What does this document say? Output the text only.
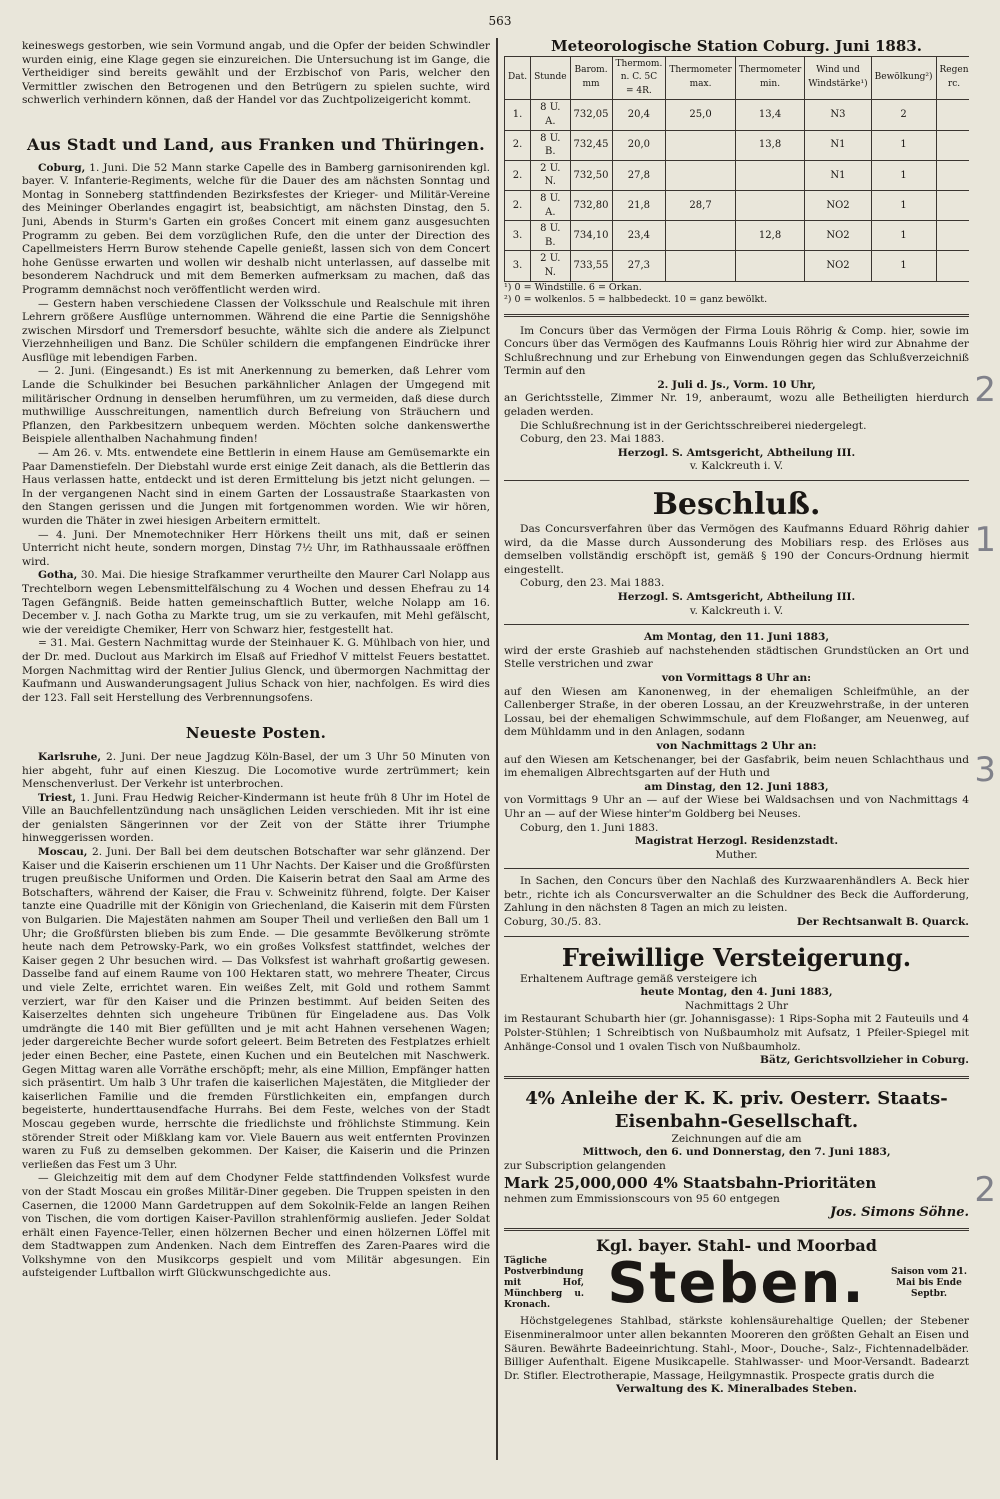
563

keineswegs gestorben, wie sein Vormund angab, und die Opfer der beiden Schwindler wurden einig, eine Klage gegen sie einzureichen. Die Untersuchung ist im Gange, die Vertheidiger sind bereits gewählt und der Erzbischof von Paris, welcher den Vermittler zwischen den Betrogenen und den Betrügern zu spielen suchte, wird schwerlich verhindern können, daß der Handel vor das Zuchtpolizeigericht kommt.

Aus Stadt und Land, aus Franken und Thüringen.

Coburg, 1. Juni. Die 52 Mann starke Capelle des in Bamberg garnisonirenden kgl. bayer. V. Infanterie-Regiments, welche für die Dauer des am nächsten Sonntag und Montag in Sonneberg stattfindenden Bezirksfestes der Krieger- und Militär-Vereine des Meininger Oberlandes engagirt ist, beabsichtigt, am nächsten Dinstag, den 5. Juni, Abends in Sturm's Garten ein großes Concert mit einem ganz ausgesuchten Programm zu geben. Bei dem vorzüglichen Rufe, den die unter der Direction des Capellmeisters Herrn Burow stehende Capelle genießt, lassen sich von dem Concert hohe Genüsse erwarten und wollen wir deshalb nicht unterlassen, auf dasselbe mit besonderem Nachdruck und mit dem Bemerken aufmerksam zu machen, daß das Programm demnächst noch veröffentlicht werden wird.

— Gestern haben verschiedene Classen der Volksschule und Realschule mit ihren Lehrern größere Ausflüge unternommen. Während die eine Partie die Sennigshöhe zwischen Mirsdorf und Tremersdorf besuchte, wählte sich die andere als Zielpunct Vierzehnheiligen und Banz. Die Schüler schildern die empfangenen Eindrücke ihrer Ausflüge mit lebendigen Farben.

— 2. Juni. (Eingesandt.) Es ist mit Anerkennung zu bemerken, daß Lehrer vom Lande die Schulkinder bei Besuchen parkähnlicher Anlagen der Umgegend mit militärischer Ordnung in denselben herumführen, um zu vermeiden, daß diese durch muthwillige Ausschreitungen, namentlich durch Befreiung von Sträuchern und Pflanzen, den Parkbesitzern unbequem werden. Möchten solche dankenswerthe Beispiele allenthalben Nachahmung finden!

— Am 26. v. Mts. entwendete eine Bettlerin in einem Hause am Gemüsemarkte ein Paar Damenstiefeln. Der Diebstahl wurde erst einige Zeit danach, als die Bettlerin das Haus verlassen hatte, entdeckt und ist deren Ermittelung bis jetzt nicht gelungen. — In der vergangenen Nacht sind in einem Garten der Lossaustraße Staarkasten von den Stangen gerissen und die Jungen mit fortgenommen worden. Wie wir hören, wurden die Thäter in zwei hiesigen Arbeitern ermittelt.

— 4. Juni. Der Mnemotechniker Herr Hörkens theilt uns mit, daß er seinen Unterricht nicht heute, sondern morgen, Dinstag 7½ Uhr, im Rathhaussaale eröffnen wird.

Gotha, 30. Mai. Die hiesige Strafkammer verurtheilte den Maurer Carl Nolapp aus Trechtelborn wegen Lebensmittelfälschung zu 4 Wochen und dessen Ehefrau zu 14 Tagen Gefängniß. Beide hatten gemeinschaftlich Butter, welche Nolapp am 16. December v. J. nach Gotha zu Markte trug, um sie zu verkaufen, mit Mehl gefälscht, wie der vereidigte Chemiker, Herr von Schwarz hier, festgestellt hat.

= 31. Mai. Gestern Nachmittag wurde der Steinhauer K. G. Mühlbach von hier, und der Dr. med. Duclout aus Markirch im Elsaß auf Friedhof V mittelst Feuers bestattet. Morgen Nachmittag wird der Rentier Julius Glenck, und übermorgen Nachmittag der Kaufmann und Auswanderungsagent Julius Schack von hier, nachfolgen. Es wird dies der 123. Fall seit Herstellung des Verbrennungsofens.

Neueste Posten.

Karlsruhe, 2. Juni. Der neue Jagdzug Köln-Basel, der um 3 Uhr 50 Minuten von hier abgeht, fuhr auf einen Kieszug. Die Locomotive wurde zertrümmert; kein Menschenverlust. Der Verkehr ist unterbrochen.

Triest, 1. Juni. Frau Hedwig Reicher-Kindermann ist heute früh 8 Uhr im Hotel de Ville an Bauchfellentzündung nach unsäglichen Leiden verschieden. Mit ihr ist eine der genialsten Sängerinnen vor der Zeit von der Stätte ihrer Triumphe hinweggerissen worden.

Moscau, 2. Juni. Der Ball bei dem deutschen Botschafter war sehr glänzend. Der Kaiser und die Kaiserin erschienen um 11 Uhr Nachts. Der Kaiser und die Großfürsten trugen preußische Uniformen und Orden. Die Kaiserin betrat den Saal am Arme des Botschafters, während der Kaiser, die Frau v. Schweinitz führend, folgte. Der Kaiser tanzte eine Quadrille mit der Königin von Griechenland, die Kaiserin mit dem Fürsten von Bulgarien. Die Majestäten nahmen am Souper Theil und verließen den Ball um 1 Uhr; die Großfürsten blieben bis zum Ende. — Die gesammte Bevölkerung strömte heute nach dem Petrowsky-Park, wo ein großes Volksfest stattfindet, welches der Kaiser gegen 2 Uhr besuchen wird. — Das Volksfest ist wahrhaft großartig gewesen. Dasselbe fand auf einem Raume von 100 Hektaren statt, wo mehrere Theater, Circus und viele Zelte, errichtet waren. Ein weißes Zelt, mit Gold und rothem Sammt verziert, war für den Kaiser und die Prinzen bestimmt. Auf beiden Seiten des Kaiserzeltes dehnten sich ungeheure Tribünen für Eingeladene aus. Das Volk umdrängte die 140 mit Bier gefüllten und je mit acht Hahnen versehenen Wagen; jeder dargereichte Becher wurde sofort geleert. Beim Betreten des Festplatzes erhielt jeder einen Becher, eine Pastete, einen Kuchen und ein Beutelchen mit Naschwerk. Gegen Mittag waren alle Vorräthe erschöpft; mehr, als eine Million, Empfänger hatten sich präsentirt. Um halb 3 Uhr trafen die kaiserlichen Majestäten, die Mitglieder der kaiserlichen Familie und die fremden Fürstlichkeiten ein, empfangen durch begeisterte, hunderttausendfache Hurrahs. Bei dem Feste, welches von der Stadt Moscau gegeben wurde, herrschte die friedlichste und fröhlichste Stimmung. Kein störender Streit oder Mißklang kam vor. Viele Bauern aus weit entfernten Provinzen waren zu Fuß zu demselben gekommen. Der Kaiser, die Kaiserin und die Prinzen verließen das Fest um 3 Uhr.

— Gleichzeitig mit dem auf dem Chodyner Felde stattfindenden Volksfest wurde von der Stadt Moscau ein großes Militär-Diner gegeben. Die Truppen speisten in den Casernen, die 12000 Mann Gardetruppen auf dem Sokolnik-Felde an langen Reihen von Tischen, die vom dortigen Kaiser-Pavillon strahlenförmig ausliefen. Jeder Soldat erhält einen Fayence-Teller, einen hölzernen Becher und einen hölzernen Löffel mit dem Stadtwappen zum Andenken. Nach dem Eintreffen des Zaren-Paares wird die Volkshymne von den Musikcorps gespielt und vom Militär abgesungen. Ein aufsteigender Luftballon wirft Glückwunschgedichte aus.

Meteorologische Station Coburg. Juni 1883.
Dat.	Stunde	Barom. mm	Thermom. n. C. 5C = 4R.	Thermometer max.	Thermometer min.	Wind und Windstärke¹)	Bewölkung²)	Regen rc.
1.	8 U. A.	732,05	20,4	25,0	13,4	N3	2	
2.	8 U. B.	732,45	20,0		13,8	N1	1	
2.	2 U. N.	732,50	27,8			N1	1	
2.	8 U. A.	732,80	21,8	28,7		NO2	1	
3.	8 U. B.	734,10	23,4		12,8	NO2	1	
3.	2 U. N.	733,55	27,3			NO2	1	
¹) 0 = Windstille. 6 = Orkan.
²) 0 = wolkenlos. 5 = halbbedeckt. 10 = ganz bewölkt.

Im Concurs über das Vermögen der Firma Louis Röhrig & Comp. hier, sowie im Concurs über das Vermögen des Kaufmanns Louis Röhrig hier wird zur Abnahme der Schlußrechnung und zur Erhebung von Einwendungen gegen das Schlußverzeichniß Termin auf den

2. Juli d. Js., Vorm. 10 Uhr,

an Gerichtsstelle, Zimmer Nr. 19, anberaumt, wozu alle Betheiligten hierdurch geladen werden.

Die Schlußrechnung ist in der Gerichtsschreiberei niedergelegt.

Coburg, den 23. Mai 1883.

Herzogl. S. Amtsgericht, Abtheilung III.

v. Kalckreuth i. V.

Beschluß.

Das Concursverfahren über das Vermögen des Kaufmanns Eduard Röhrig dahier wird, da die Masse durch Aussonderung des Mobiliars resp. des Erlöses aus demselben vollständig erschöpft ist, gemäß § 190 der Concurs-Ordnung hiermit eingestellt.

Coburg, den 23. Mai 1883.

Herzogl. S. Amtsgericht, Abtheilung III.

v. Kalckreuth i. V.

Am Montag, den 11. Juni 1883,

wird der erste Grashieb auf nachstehenden städtischen Grundstücken an Ort und Stelle verstrichen und zwar

von Vormittags 8 Uhr an:

auf den Wiesen am Kanonenweg, in der ehemaligen Schleifmühle, an der Callenberger Straße, in der oberen Lossau, an der Kreuzwehrstraße, in der unteren Lossau, bei der ehemaligen Schwimmschule, auf dem Floßanger, am Neuenweg, auf dem Mühldamm und in den Anlagen, sodann

von Nachmittags 2 Uhr an:

auf den Wiesen am Ketschenanger, bei der Gasfabrik, beim neuen Schlachthaus und im ehemaligen Albrechtsgarten auf der Huth und

am Dinstag, den 12. Juni 1883,

von Vormittags 9 Uhr an — auf der Wiese bei Waldsachsen und von Nachmittags 4 Uhr an — auf der Wiese hinter'm Goldberg bei Neuses.

Coburg, den 1. Juni 1883.

Magistrat Herzogl. Residenzstadt.

Muther.

In Sachen, den Concurs über den Nachlaß des Kurzwaarenhändlers A. Beck hier betr., richte ich als Concursverwalter an die Schuldner des Beck die Aufforderung, Zahlung in den nächsten 8 Tagen an mich zu leisten.

Coburg, 30./5. 83.	Der Rechtsanwalt B. Quarck.
Freiwillige Versteigerung.

Erhaltenem Auftrage gemäß versteigere ich

heute Montag, den 4. Juni 1883,

Nachmittags 2 Uhr

im Restaurant Schubarth hier (gr. Johannisgasse): 1 Rips-Sopha mit 2 Fauteuils und 4 Polster-Stühlen; 1 Schreibtisch von Nußbaumholz mit Aufsatz, 1 Pfeiler-Spiegel mit Anhänge-Consol und 1 ovalen Tisch von Nußbaumholz.

Bätz, Gerichtsvollzieher in Coburg.

4% Anleihe der K. K. priv. Oesterr. Staats-Eisenbahn-Gesellschaft.

Zeichnungen auf die am

Mittwoch, den 6. und Donnerstag, den 7. Juni 1883,

zur Subscription gelangenden

Mark 25,000,000 4% Staatsbahn-Prioritäten

nehmen zum Emmissionscours von 95 60 entgegen

Jos. Simons Söhne.

Kgl. bayer. Stahl- und Moorbad
Tägliche Postverbindung mit Hof, Münchberg u. Kronach.	Steben.	Saison vom 21. Mai bis Ende Septbr.

Höchstgelegenes Stahlbad, stärkste kohlensäurehaltige Quellen; der Stebener Eisenmineralmoor unter allen bekannten Mooreren den größten Gehalt an Eisen und Säuren. Bewährte Badeeinrichtung. Stahl-, Moor-, Douche-, Salz-, Fichtennadelbäder. Billiger Aufenthalt. Eigene Musikcapelle. Stahlwasser- und Moor-Versandt. Badearzt Dr. Stifler. Electrotherapie, Massage, Heilgymnastik. Prospecte gratis durch die

Verwaltung des K. Mineralbades Steben.

2
1
3
2
